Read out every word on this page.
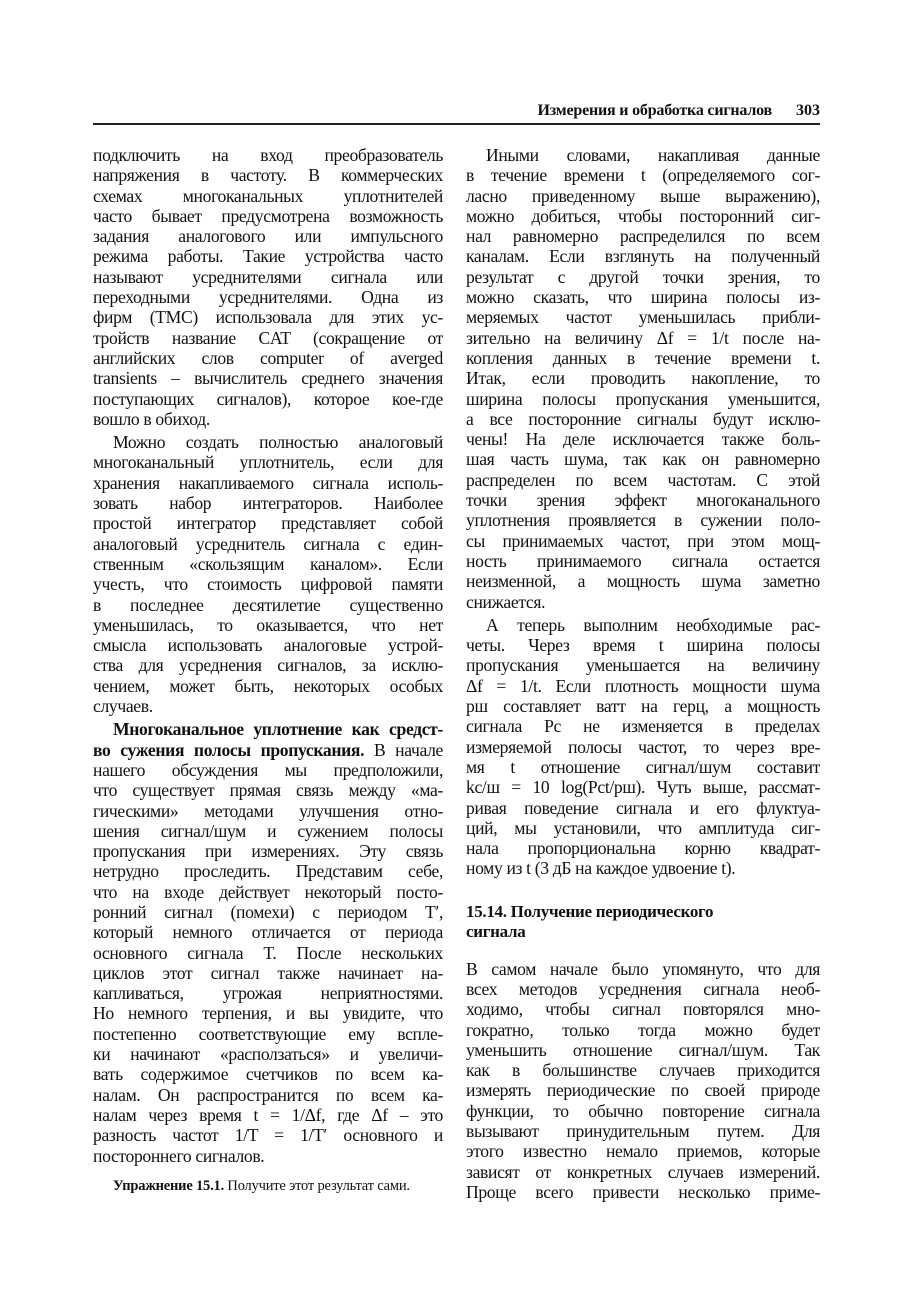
Измерения и обработка сигналов 303
подключить на вход преобразователь
напряжения в частоту. В коммерческих
схемах многоканальных уплотнителей
часто бывает предусмотрена возможность
задания аналогового или импульсного
режима работы. Такие устройства часто
называют усреднителями сигнала или
переходными усреднителями. Одна из
фирм (TMC) использовала для этих ус-
тройств название CAT (сокращение от
английских слов computer of averged
transients – вычислитель среднего значения
поступающих сигналов), которое кое-где
вошло в обиход.
Можно создать полностью аналоговый
многоканальный уплотнитель, если для
хранения накапливаемого сигнала исполь-
зовать набор интеграторов. Наиболее
простой интегратор представляет собой
аналоговый усреднитель сигнала с един-
ственным «скользящим каналом». Если
учесть, что стоимость цифровой памяти
в последнее десятилетие существенно
уменьшилась, то оказывается, что нет
смысла использовать аналоговые устрой-
ства для усреднения сигналов, за исклю-
чением, может быть, некоторых особых
случаев.
Многоканальное уплотнение как средст-
во сужения полосы пропускания. В начале
нашего обсуждения мы предположили,
что существует прямая связь между «ма-
гическими» методами улучшения отно-
шения сигнал/шум и сужением полосы
пропускания при измерениях. Эту связь
нетрудно проследить. Представим себе,
что на входе действует некоторый посто-
ронний сигнал (помехи) с периодом T′,
который немного отличается от периода
основного сигнала T. После нескольких
циклов этот сигнал также начинает на-
капливаться, угрожая неприятностями.
Но немного терпения, и вы увидите, что
постепенно соответствующие ему вспле-
ки начинают «расползаться» и увеличи-
вать содержимое счетчиков по всем ка-
налам. Он распространится по всем ка-
налам через время t = 1/Δf, где Δf – это
разность частот 1/T = 1/T′ основного и
постороннего сигналов.
Иными словами, накапливая данные
в течение времени t (определяемого сог-
ласно приведенному выше выражению),
можно добиться, чтобы посторонний сиг-
нал равномерно распределился по всем
каналам. Если взглянуть на полученный
результат с другой точки зрения, то
можно сказать, что ширина полосы из-
меряемых частот уменьшилась прибли-
зительно на величину Δf = 1/t после на-
копления данных в течение времени t.
Итак, если проводить накопление, то
ширина полосы пропускания уменьшится,
а все посторонние сигналы будут исклю-
чены! На деле исключается также боль-
шая часть шума, так как он равномерно
распределен по всем частотам. С этой
точки зрения эффект многоканального
уплотнения проявляется в сужении поло-
сы принимаемых частот, при этом мощ-
ность принимаемого сигнала остается
неизменной, а мощность шума заметно
снижается.
А теперь выполним необходимые рас-
четы. Через время t ширина полосы
пропускания уменьшается на величину
Δf = 1/t. Если плотность мощности шума
pш составляет ватт на герц, а мощность
сигнала Pс не изменяется в пределах
измеряемой полосы частот, то через вре-
мя t отношение сигнал/шум составит
kс/ш = 10 log(Pсt/pш). Чуть выше, рассмат-
ривая поведение сигнала и его флуктуа-
ций, мы установили, что амплитуда сиг-
нала пропорциональна корню квадрат-
ному из t (3 дБ на каждое удвоение t).
15.14. Получение периодического
сигнала
В самом начале было упомянуто, что для
всех методов усреднения сигнала необ-
ходимо, чтобы сигнал повторялся мно-
гократно, только тогда можно будет
уменьшить отношение сигнал/шум. Так
как в большинстве случаев приходится
измерять периодические по своей природе
функции, то обычно повторение сигнала
вызывают принудительным путем. Для
этого известно немало приемов, которые
зависят от конкретных случаев измерений.
Проще всего привести несколько приме-
Упражнение 15.1. Получите этот результат сами.
